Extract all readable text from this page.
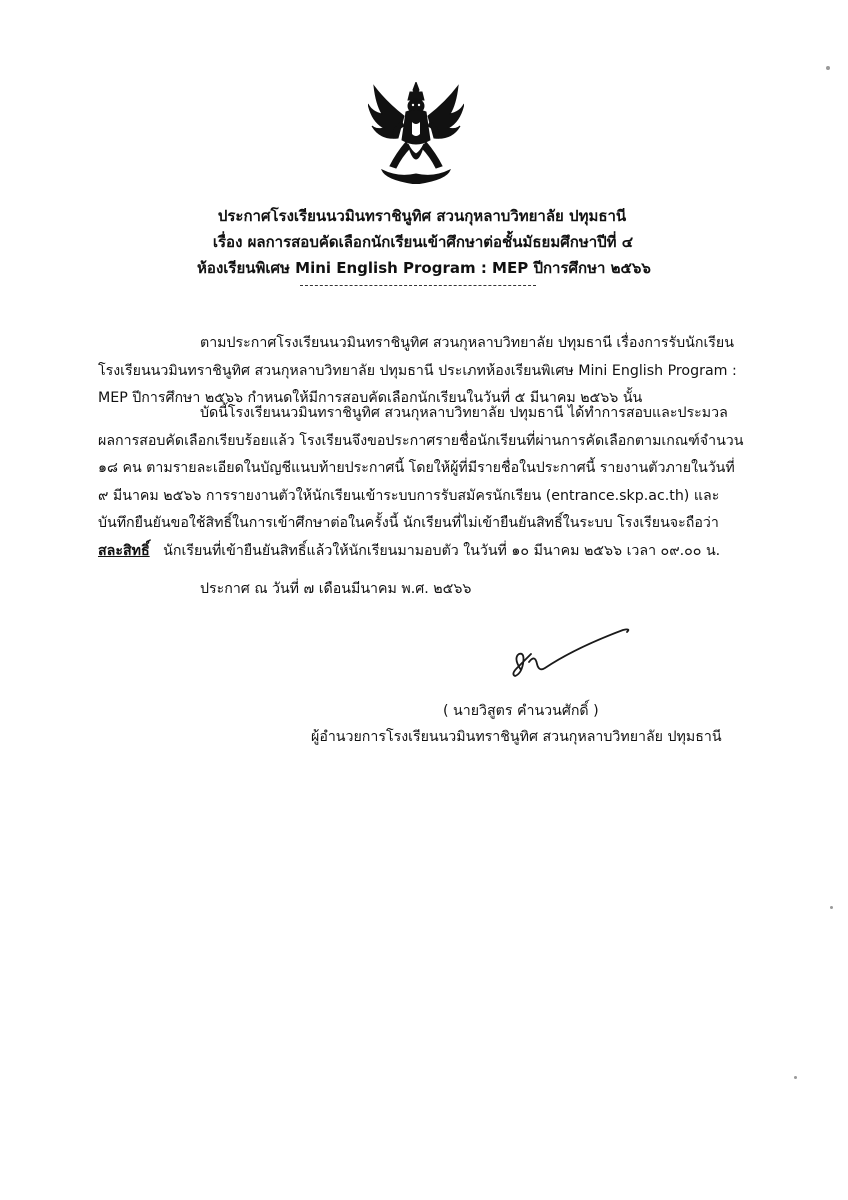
ประกาศโรงเรียนนวมินทราชินูทิศ สวนกุหลาบวิทยาลัย ปทุมธานี
เรื่อง ผลการสอบคัดเลือกนักเรียนเข้าศึกษาต่อชั้นมัธยมศึกษาปีที่ ๔
ห้องเรียนพิเศษ Mini English Program : MEP ปีการศึกษา ๒๕๖๖
ตามประกาศโรงเรียนนวมินทราชินูทิศ สวนกุหลาบวิทยาลัย ปทุมธานี เรื่องการรับนักเรียน
โรงเรียนนวมินทราชินูทิศ สวนกุหลาบวิทยาลัย ปทุมธานี ประเภทห้องเรียนพิเศษ Mini English Program :
MEP ปีการศึกษา ๒๕๖๖ กำหนดให้มีการสอบคัดเลือกนักเรียนในวันที่ ๕ มีนาคม ๒๕๖๖ นั้น
บัดนี้โรงเรียนนวมินทราชินูทิศ สวนกุหลาบวิทยาลัย ปทุมธานี ได้ทำการสอบและประมวล
ผลการสอบคัดเลือกเรียบร้อยแล้ว โรงเรียนจึงขอประกาศรายชื่อนักเรียนที่ผ่านการคัดเลือกตามเกณฑ์จำนวน
๑๘ คน ตามรายละเอียดในบัญชีแนบท้ายประกาศนี้ โดยให้ผู้ที่มีรายชื่อในประกาศนี้ รายงานตัวภายในวันที่
๙ มีนาคม ๒๕๖๖ การรายงานตัวให้นักเรียนเข้าระบบการรับสมัครนักเรียน (entrance.skp.ac.th) และ
บันทึกยืนยันขอใช้สิทธิ์ในการเข้าศึกษาต่อในครั้งนี้ นักเรียนที่ไม่เข้ายืนยันสิทธิ์ในระบบ โรงเรียนจะถือว่า
สละสิทธิ์   นักเรียนที่เข้ายืนยันสิทธิ์แล้วให้นักเรียนมามอบตัว ในวันที่ ๑๐ มีนาคม ๒๕๖๖ เวลา ๐๙.๐๐ น.
ประกาศ ณ วันที่ ๗ เดือนมีนาคม พ.ศ. ๒๕๖๖
( นายวิสูตร คำนวนศักดิ์ )
ผู้อำนวยการโรงเรียนนวมินทราชินูทิศ สวนกุหลาบวิทยาลัย ปทุมธานี
